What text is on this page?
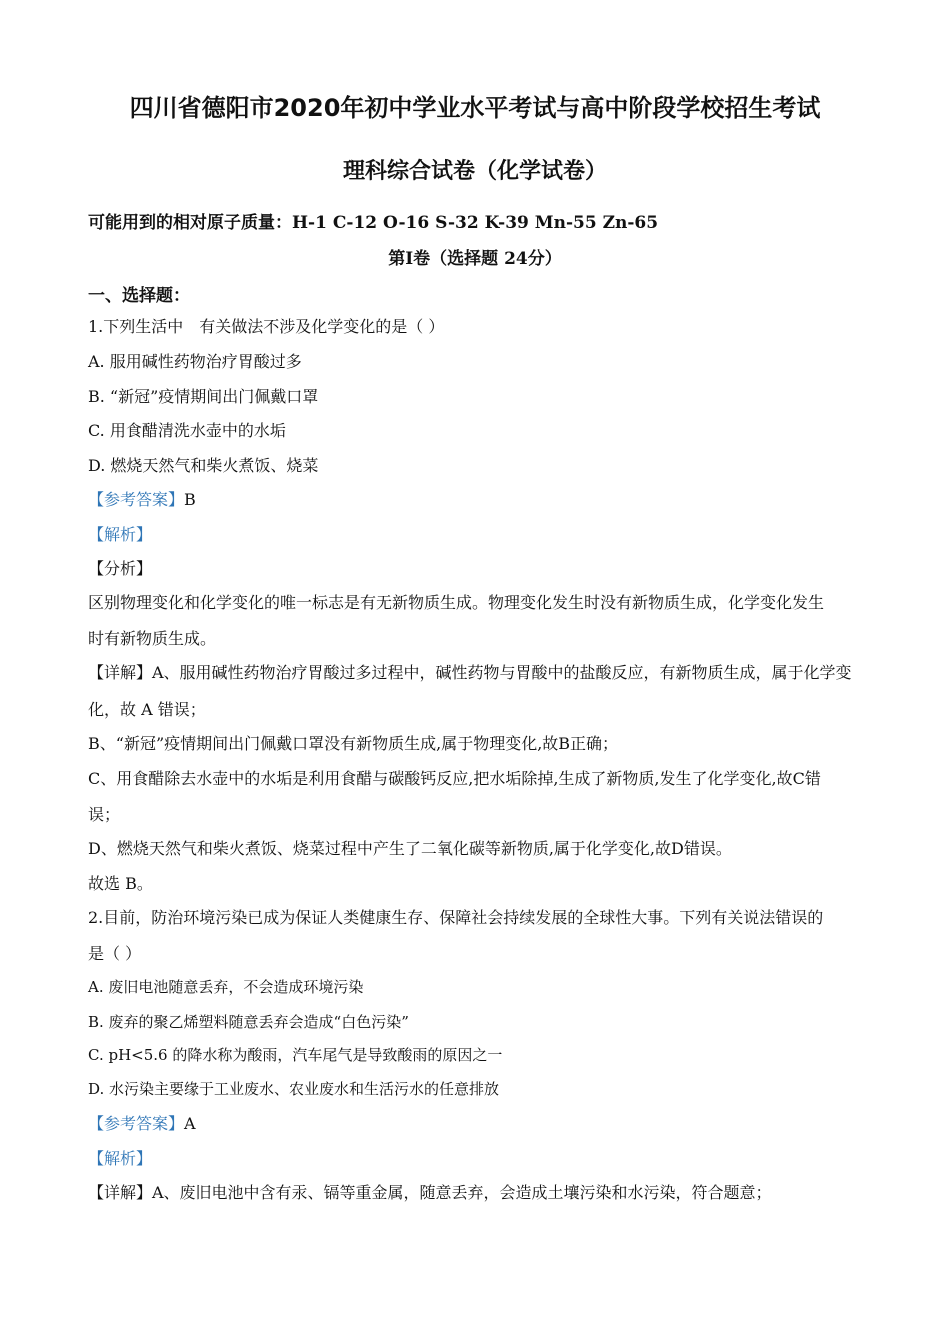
四川省德阳市2020年初中学业水平考试与高中阶段学校招生考试
理科综合试卷（化学试卷）
可能用到的相对原子质量：H-1 C-12 O-16 S-32 K-39 Mn-55 Zn-65
第Ⅰ卷（选择题 24分）
一、选择题：
1.下列生活中　有关做法不涉及化学变化的是（ ）
A. 服用碱性药物治疗胃酸过多
B. “新冠”疫情期间出门佩戴口罩
C. 用食醋清洗水壶中的水垢
D. 燃烧天然气和柴火煮饭、烧菜
【参考答案】B
【解析】
【分析】
区别物理变化和化学变化的唯一标志是有无新物质生成。物理变化发生时没有新物质生成，化学变化发生
时有新物质生成。
【详解】A、服用碱性药物治疗胃酸过多过程中，碱性药物与胃酸中的盐酸反应，有新物质生成，属于化学变
化，故 A 错误；
B、“新冠”疫情期间出门佩戴口罩没有新物质生成,属于物理变化,故B正确；
C、用食醋除去水壶中的水垢是利用食醋与碳酸钙反应,把水垢除掉,生成了新物质,发生了化学变化,故C错
误；
D、燃烧天然气和柴火煮饭、烧菜过程中产生了二氧化碳等新物质,属于化学变化,故D错误。
故选 B。
2.目前，防治环境污染已成为保证人类健康生存、保障社会持续发展的全球性大事。下列有关说法错误的
是（ ）
A. 废旧电池随意丢弃，不会造成环境污染
B. 废弃的聚乙烯塑料随意丢弃会造成“白色污染”
C. pH<5.6 的降水称为酸雨，汽车尾气是导致酸雨的原因之一
D. 水污染主要缘于工业废水、农业废水和生活污水的任意排放
【参考答案】A
【解析】
【详解】A、废旧电池中含有汞、镉等重金属，随意丢弃，会造成土壤污染和水污染，符合题意；
